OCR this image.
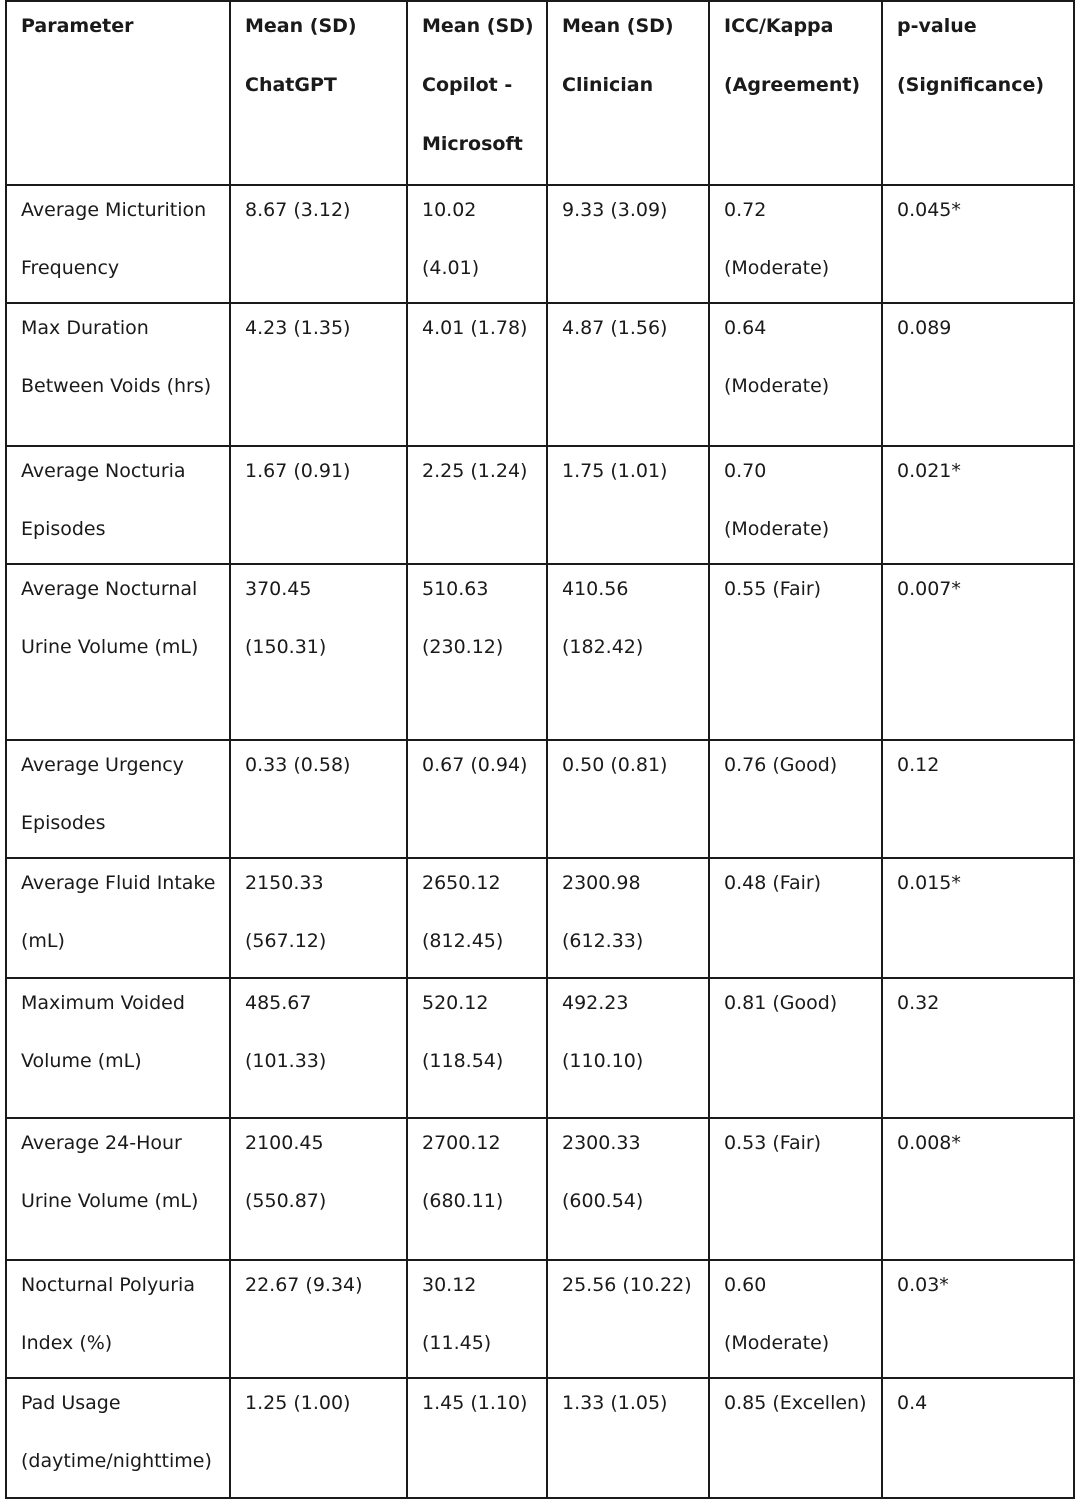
Parameter	Mean (SD) ChatGPT	Mean (SD) Copilot - Microsoft	Mean (SD) Clinician	ICC/Kappa (Agreement)	p-value (Significance)

Average Micturition Frequency	8.67 (3.12)	10.02 (4.01)	9.33 (3.09)	0.72 (Moderate)	0.045*

Max Duration Between Voids (hrs)	4.23 (1.35)	4.01 (1.78)	4.87 (1.56)	0.64 (Moderate)	0.089

Average Nocturia Episodes	1.67 (0.91)	2.25 (1.24)	1.75 (1.01)	0.70 (Moderate)	0.021*

Average Nocturnal Urine Volume (mL)	370.45 (150.31)	510.63 (230.12)	410.56 (182.42)	0.55 (Fair)	0.007*

Average Urgency Episodes	0.33 (0.58)	0.67 (0.94)	0.50 (0.81)	0.76 (Good)	0.12

Average Fluid Intake (mL)	2150.33 (567.12)	2650.12 (812.45)	2300.98 (612.33)	0.48 (Fair)	0.015*

Maximum Voided Volume (mL)	485.67 (101.33)	520.12 (118.54)	492.23 (110.10)	0.81 (Good)	0.32

Average 24-Hour Urine Volume (mL)	2100.45 (550.87)	2700.12 (680.11)	2300.33 (600.54)	0.53 (Fair)	0.008*

Nocturnal Polyuria Index (%)	22.67 (9.34)	30.12 (11.45)	25.56 (10.22)	0.60 (Moderate)	0.03*

Pad Usage (daytime/nighttime)	1.25 (1.00)	1.45 (1.10)	1.33 (1.05)	0.85 (Excellen)	0.4
